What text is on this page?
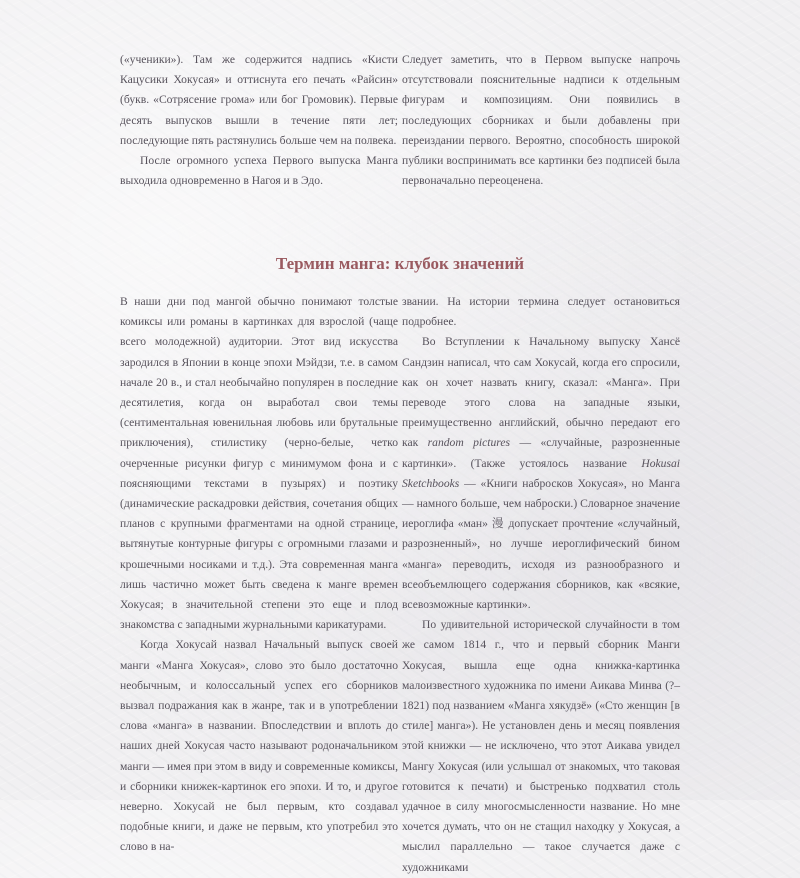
(«ученики»). Там же содержится надпись «Кисти Кацусики Хокусая» и оттиснута его печать «Райсин» (букв. «Сотрясение грома» или бог Громовик). Первые десять выпусков вышли в течение пяти лет; последующие пять растянулись больше чем на полвека.

После огромного успеха Первого выпуска Манга выходила одновременно в Нагоя и в Эдо.

Следует заметить, что в Первом выпуске напрочь отсутствовали пояснительные надписи к отдельным фигурам и композициям. Они появились в последующих сборниках и были добавлены при переиздании первого. Вероятно, способность широкой публики воспринимать все картинки без подписей была первоначально переоценена.

Термин манга: клубок значений

В наши дни под мангой обычно понимают толстые комиксы или романы в картинках для взрослой (чаще всего молодежной) аудитории. Этот вид искусства зародился в Японии в конце эпохи Мэйдзи, т.е. в самом начале 20 в., и стал необычайно популярен в последние десятилетия, когда он выработал свои темы (сентиментальная ювенильная любовь или брутальные приключения), стилистику (черно-белые, четко очерченные рисунки фигур с минимумом фона и с поясняющими текстами в пузырях) и поэтику (динамические раскадровки действия, сочетания общих планов с крупными фрагментами на одной странице, вытянутые контурные фигуры с огромными глазами и крошечными носиками и т.д.). Эта современная манга лишь частично может быть сведена к манге времен Хокусая; в значительной степени это еще и плод знакомства с западными журнальными карикатурами.

Когда Хокусай назвал Начальный выпуск своей манги «Манга Хокусая», слово это было достаточно необычным, и колоссальный успех его сборников вызвал подражания как в жанре, так и в употреблении слова «манга» в названии. Впоследствии и вплоть до наших дней Хокусая часто называют родоначальником манги — имея при этом в виду и современные комиксы, и сборники книжек-картинок его эпохи. И то, и другое неверно. Хокусай не был первым, кто создавал подобные книги, и даже не первым, кто употребил это слово в на-

звании. На истории термина следует остановиться подробнее.

Во Вступлении к Начальному выпуску Хансё Сандзин написал, что сам Хокусай, когда его спросили, как он хочет назвать книгу, сказал: «Манга». При переводе этого слова на западные языки, преимущественно английский, обычно передают его как random pictures — «случайные, разрозненные картинки». (Также устоялось название Hokusai Sketchbooks — «Книги набросков Хокусая», но Манга — намного больше, чем наброски.) Словарное значение иероглифа «ман» 漫 допускает прочтение «случайный, разрозненный», но лучше иероглифический бином «манга» переводить, исходя из разнообразного и всеобъемлющего содержания сборников, как «всякие, всевозможные картинки».

По удивительной исторической случайности в том же самом 1814 г., что и первый сборник Манги Хокусая, вышла еще одна книжка-картинка малоизвестного художника по имени Аикава Минва (?–1821) под названием «Манга хякудзё» («Сто женщин [в стиле] манга»). Не установлен день и месяц появления этой книжки — не исключено, что этот Аикава увидел Мангу Хокусая (или услышал от знакомых, что таковая готовится к печати) и быстренько подхватил столь удачное в силу многосмысленности название. Но мне хочется думать, что он не стащил находку у Хокусая, а мыслил параллельно — такое случается даже с художниками
